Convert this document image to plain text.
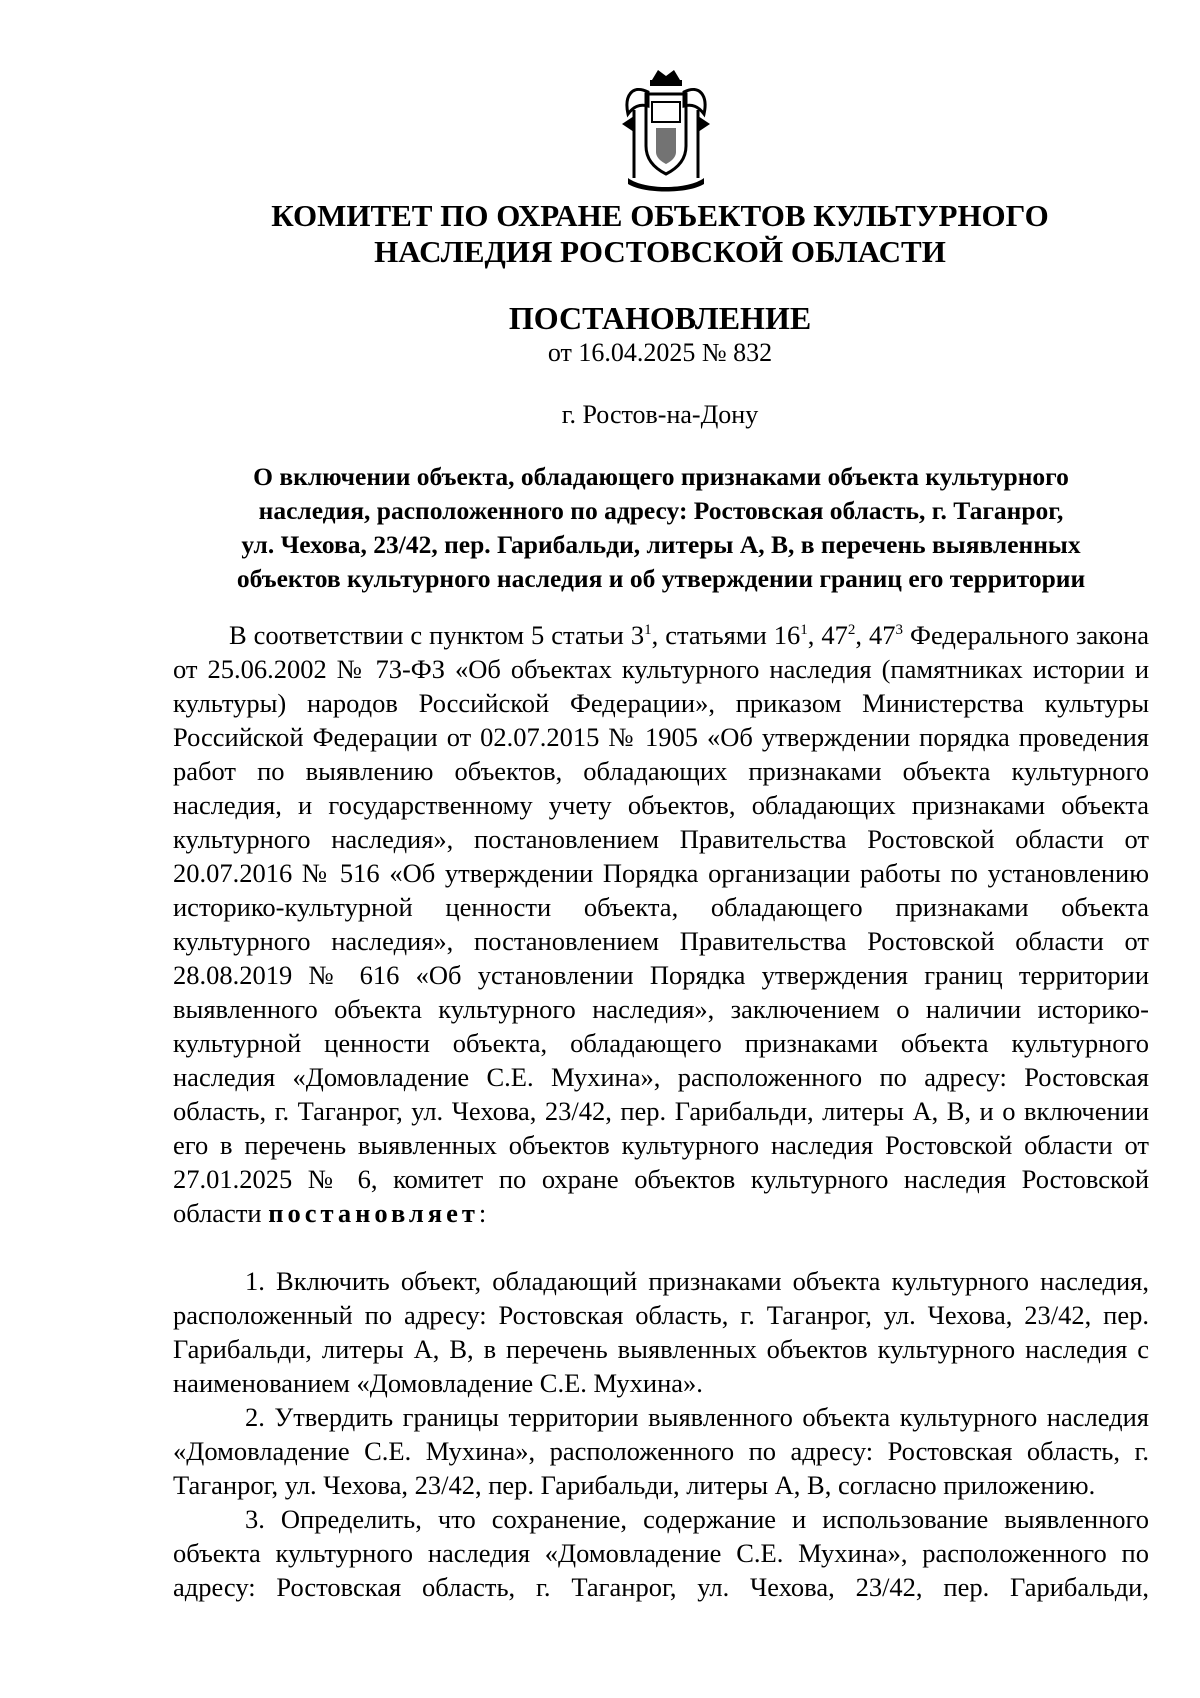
КОМИТЕТ ПО ОХРАНЕ ОБЪЕКТОВ КУЛЬТУРНОГО
НАСЛЕДИЯ РОСТОВСКОЙ ОБЛАСТИ
ПОСТАНОВЛЕНИЕ
от 16.04.2025 № 832
г. Ростов-на-Дону
О включении объекта, обладающего признаками объекта культурного
наследия, расположенного по адресу: Ростовская область, г. Таганрог,
ул. Чехова, 23/42, пер. Гарибальди, литеры А, В, в перечень выявленных
объектов культурного наследия и об утверждении границ его территории

В соответствии с пунктом 5 статьи $3^1$, статьями $16^1$, $47^2$, $47^3$ Федерального закона от 25.06.2002 № 73-ФЗ «Об объектах культурного наследия (памятниках истории и культуры) народов Российской Федерации», приказом Министерства культуры Российской Федерации от 02.07.2015 № 1905 «Об утверждении порядка проведения работ по выявлению объектов, обладающих признаками объекта культурного наследия, и государственному учету объектов, обладающих признаками объекта культурного наследия», постановлением Правительства Ростовской области от 20.07.2016 № 516 «Об утверждении Порядка организации работы по установлению историко-культурной ценности объекта, обладающего признаками объекта культурного наследия», постановлением Правительства Ростовской области от 28.08.2019 № 616 «Об установлении Порядка утверждения границ территории выявленного объекта культурного наследия», заключением о наличии историко-культурной ценности объекта, обладающего признаками объекта культурного наследия «Домовладение С.Е. Мухина», расположенного по адресу: Ростовская область, г. Таганрог, ул. Чехова, 23/42, пер. Гарибальди, литеры А, В, и о включении его в перечень выявленных объектов культурного наследия Ростовской области от 27.01.2025 № 6, комитет по охране объектов культурного наследия Ростовской области постановляет:

1. Включить объект, обладающий признаками объекта культурного наследия, расположенный по адресу: Ростовская область, г. Таганрог, ул. Чехова, 23/42, пер. Гарибальди, литеры А, В, в перечень выявленных объектов культурного наследия с наименованием «Домовладение С.Е. Мухина».

2. Утвердить границы территории выявленного объекта культурного наследия «Домовладение С.Е. Мухина», расположенного по адресу: Ростовская область, г. Таганрог, ул. Чехова, 23/42, пер. Гарибальди, литеры А, В, согласно приложению.

3. Определить, что сохранение, содержание и использование выявленного объекта культурного наследия «Домовладение С.Е. Мухина», расположенного по адресу: Ростовская область, г. Таганрог, ул. Чехова, 23/42, пер. Гарибальди,
